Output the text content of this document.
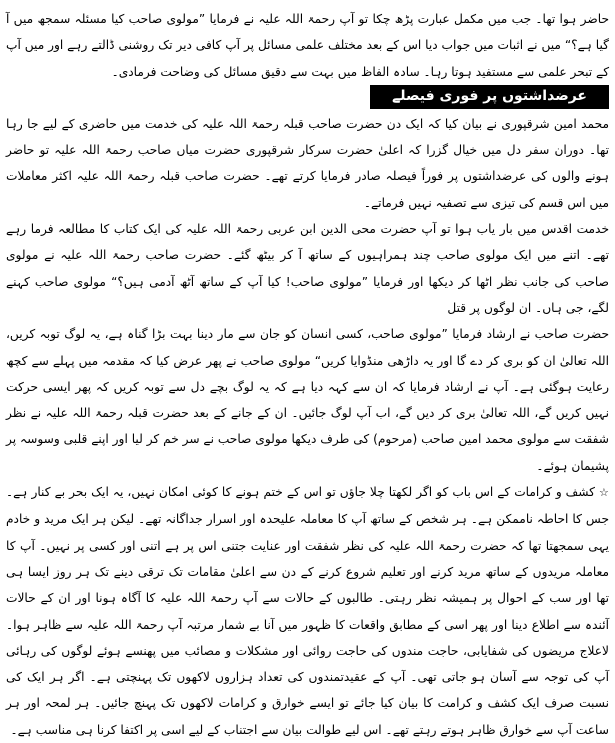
حاضر ہوا تھا۔ جب میں مکمل عبارت پڑھ چکا تو آپ رحمۃ اللہ علیہ نے فرمایا ”مولوی صاحب کیا مسئلہ سمجھ میں آ گیا ہے؟“ میں نے اثبات میں جواب دیا اس کے بعد مختلف علمی مسائل پر آپ کافی دیر تک روشنی ڈالتے رہے اور میں آپ کے تبحر علمی سے مستفید ہوتا رہا۔ سادہ الفاظ میں بہت سے دقیق مسائل کی وضاحت فرمادی۔

عرضداشتوں پر فوری فیصلے

محمد امین شرقپوری نے بیان کیا کہ ایک دن حضرت صاحب قبلہ رحمۃ اللہ علیہ کی خدمت میں حاضری کے لیے جا رہا تھا۔ دوران سفر دل میں خیال گزرا کہ اعلیٰ حضرت سرکار شرقپوری حضرت میاں صاحب رحمۃ اللہ علیہ تو حاضر ہونے والوں کی عرضداشتوں پر فوراً فیصلہ صادر فرمایا کرتے تھے۔ حضرت صاحب قبلہ رحمۃ اللہ علیہ اکثر معاملات میں اس قسم کی تیزی سے تصفیہ نہیں فرماتے۔

خدمت اقدس میں بار یاب ہوا تو آپ حضرت محی الدین ابن عربی رحمۃ اللہ علیہ کی ایک کتاب کا مطالعہ فرما رہے تھے۔ اتنے میں ایک مولوی صاحب چند ہمراہیوں کے ساتھ آ کر بیٹھ گئے۔ حضرت صاحب رحمۃ اللہ علیہ نے مولوی صاحب کی جانب نظر اٹھا کر دیکھا اور فرمایا ”مولوی صاحب! کیا آپ کے ساتھ آٹھ آدمی ہیں؟“ مولوی صاحب کہنے لگے، جی ہاں۔ ان لوگوں پر قتل

حضرت صاحب نے ارشاد فرمایا ”مولوی صاحب، کسی انسان کو جان سے مار دینا بہت بڑا گناہ ہے، یہ لوگ توبہ کریں، اللہ تعالیٰ ان کو بری کر دے گا اور یہ داڑھی منڈوایا کریں“ مولوی صاحب نے پھر عرض کیا کہ مقدمہ میں پہلے سے کچھ رعایت ہوگئی ہے۔ آپ نے ارشاد فرمایا کہ ان سے کہہ دیا ہے کہ یہ لوگ بچے دل سے توبہ کریں کہ پھر ایسی حرکت نہیں کریں گے، اللہ تعالیٰ بری کر دیں گے، اب آپ لوگ جائیں۔ ان کے جانے کے بعد حضرت قبلہ رحمۃ اللہ علیہ نے نظر شفقت سے مولوی محمد امین صاحب (مرحوم) کی طرف دیکھا مولوی صاحب نے سر خم کر لیا اور اپنے قلبی وسوسہ پر پشیمان ہوئے۔

☆ کشف و کرامات کے اس باب کو اگر لکھتا چلا جاؤں تو اس کے ختم ہونے کا کوئی امکان نہیں، یہ ایک بحر بے کنار ہے۔ جس کا احاطہ ناممکن ہے۔ ہر شخص کے ساتھ آپ کا معاملہ علیحدہ اور اسرار جداگانہ تھے۔ لیکن ہر ایک مرید و خادم یہی سمجھتا تھا کہ حضرت رحمۃ اللہ علیہ کی نظر شفقت اور عنایت جتنی اس پر ہے اتنی اور کسی پر نہیں۔ آپ کا معاملہ مریدوں کے ساتھ مرید کرنے اور تعلیم شروع کرنے کے دن سے اعلیٰ مقامات تک ترقی دینے تک ہر روز ایسا ہی تھا اور سب کے احوال پر ہمیشہ نظر رہتی۔ طالبوں کے حالات سے آپ رحمۃ اللہ علیہ کا آگاہ ہونا اور ان کے حالات آئندہ سے اطلاع دینا اور پھر اسی کے مطابق واقعات کا ظہور میں آنا بے شمار مرتبہ آپ رحمۃ اللہ علیہ سے ظاہر ہوا۔ لاعلاج مریضوں کی شفایابی، حاجت مندوں کی حاجت روائی اور مشکلات و مصائب میں پھنسے ہوئے لوگوں کی رہائی آپ کی توجہ سے آسان ہو جاتی تھی۔ آپ کے عقیدتمندوں کی تعداد ہزاروں لاکھوں تک پہنچتی ہے۔ اگر ہر ایک کی نسبت صرف ایک کشف و کرامت کا بیان کیا جائے تو ایسے خوارق و کرامات لاکھوں تک پہنچ جائیں۔ ہر لمحہ اور ہر ساعت آپ سے خوارق ظاہر ہوتے رہتے تھے۔ اس لیے طوالت بیان سے اجتناب کے لیے اسی پر اکتفا کرنا ہی مناسب ہے۔
